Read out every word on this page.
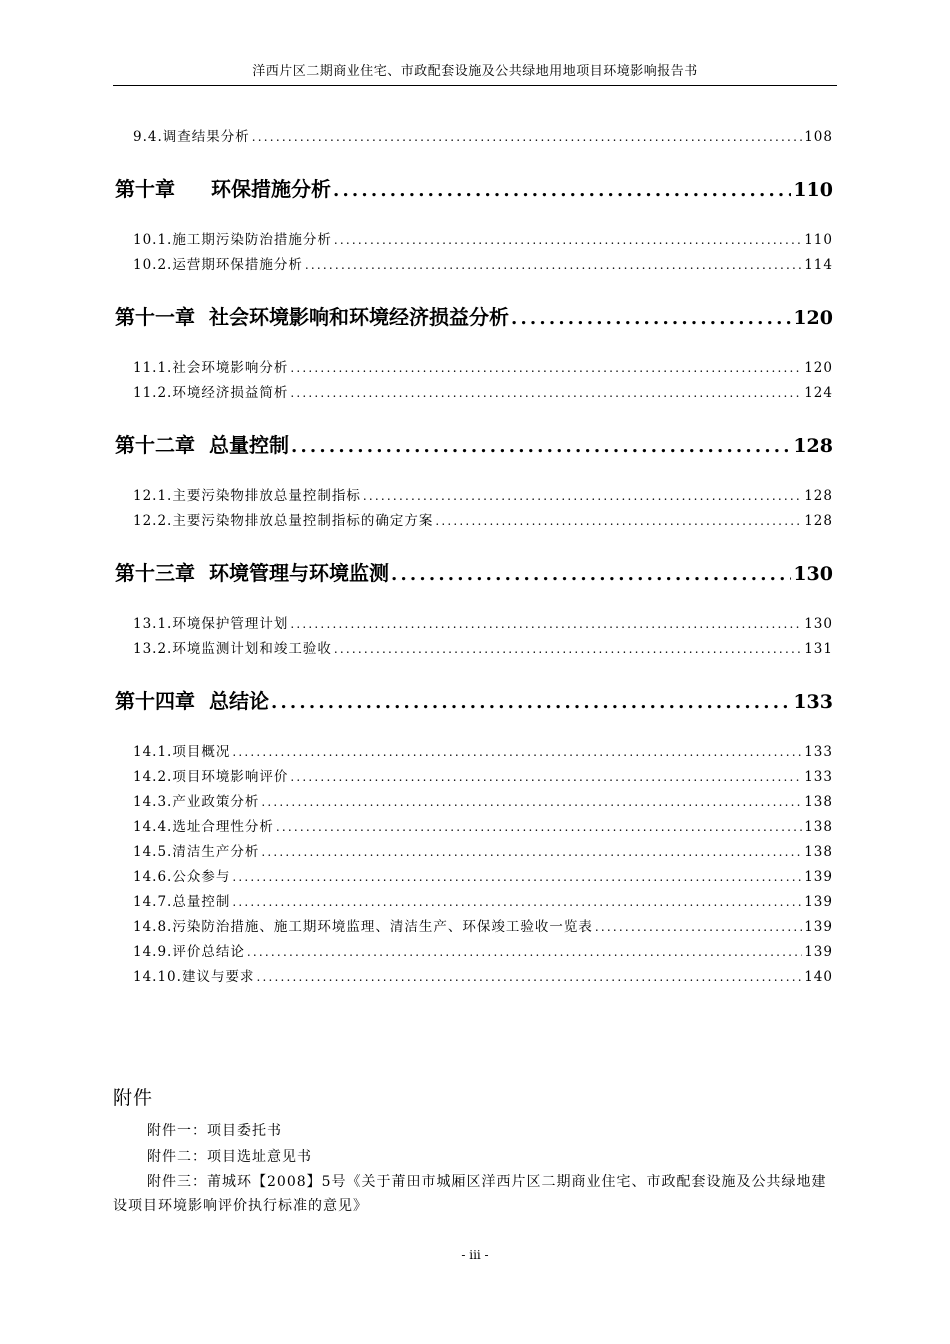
洋西片区二期商业住宅、市政配套设施及公共绿地用地项目环境影响报告书
9.4. 调查结果分析 .....	108
第十章 环保措施分析 .....	110
10.1. 施工期污染防治措施分析 .....	110
10.2. 运营期环保措施分析 .....	114
第十一章 社会环境影响和环境经济损益分析 .....	120
11.1. 社会环境影响分析 .....	120
11.2. 环境经济损益简析 .....	124
第十二章 总量控制 .....	128
12.1. 主要污染物排放总量控制指标 .....	128
12.2. 主要污染物排放总量控制指标的确定方案 .....	128
第十三章 环境管理与环境监测 .....	130
13.1. 环境保护管理计划 .....	130
13.2. 环境监测计划和竣工验收 .....	131
第十四章 总结论 .....	133
14.1. 项目概况 .....	133
14.2. 项目环境影响评价 .....	133
14.3. 产业政策分析 .....	138
14.4. 选址合理性分析 .....	138
14.5. 清洁生产分析 .....	138
14.6. 公众参与 .....	139
14.7. 总量控制 .....	139
14.8. 污染防治措施、施工期环境监理、清洁生产、环保竣工验收一览表 .....	139
14.9. 评价总结论 .....	139
14.10. 建议与要求 .....	140
附件
附件一：项目委托书
附件二：项目选址意见书
附件三：莆城环【2008】5号《关于莆田市城厢区洋西片区二期商业住宅、市政配套设施及公共绿地建设项目环境影响评价执行标准的意见》
- iii -
